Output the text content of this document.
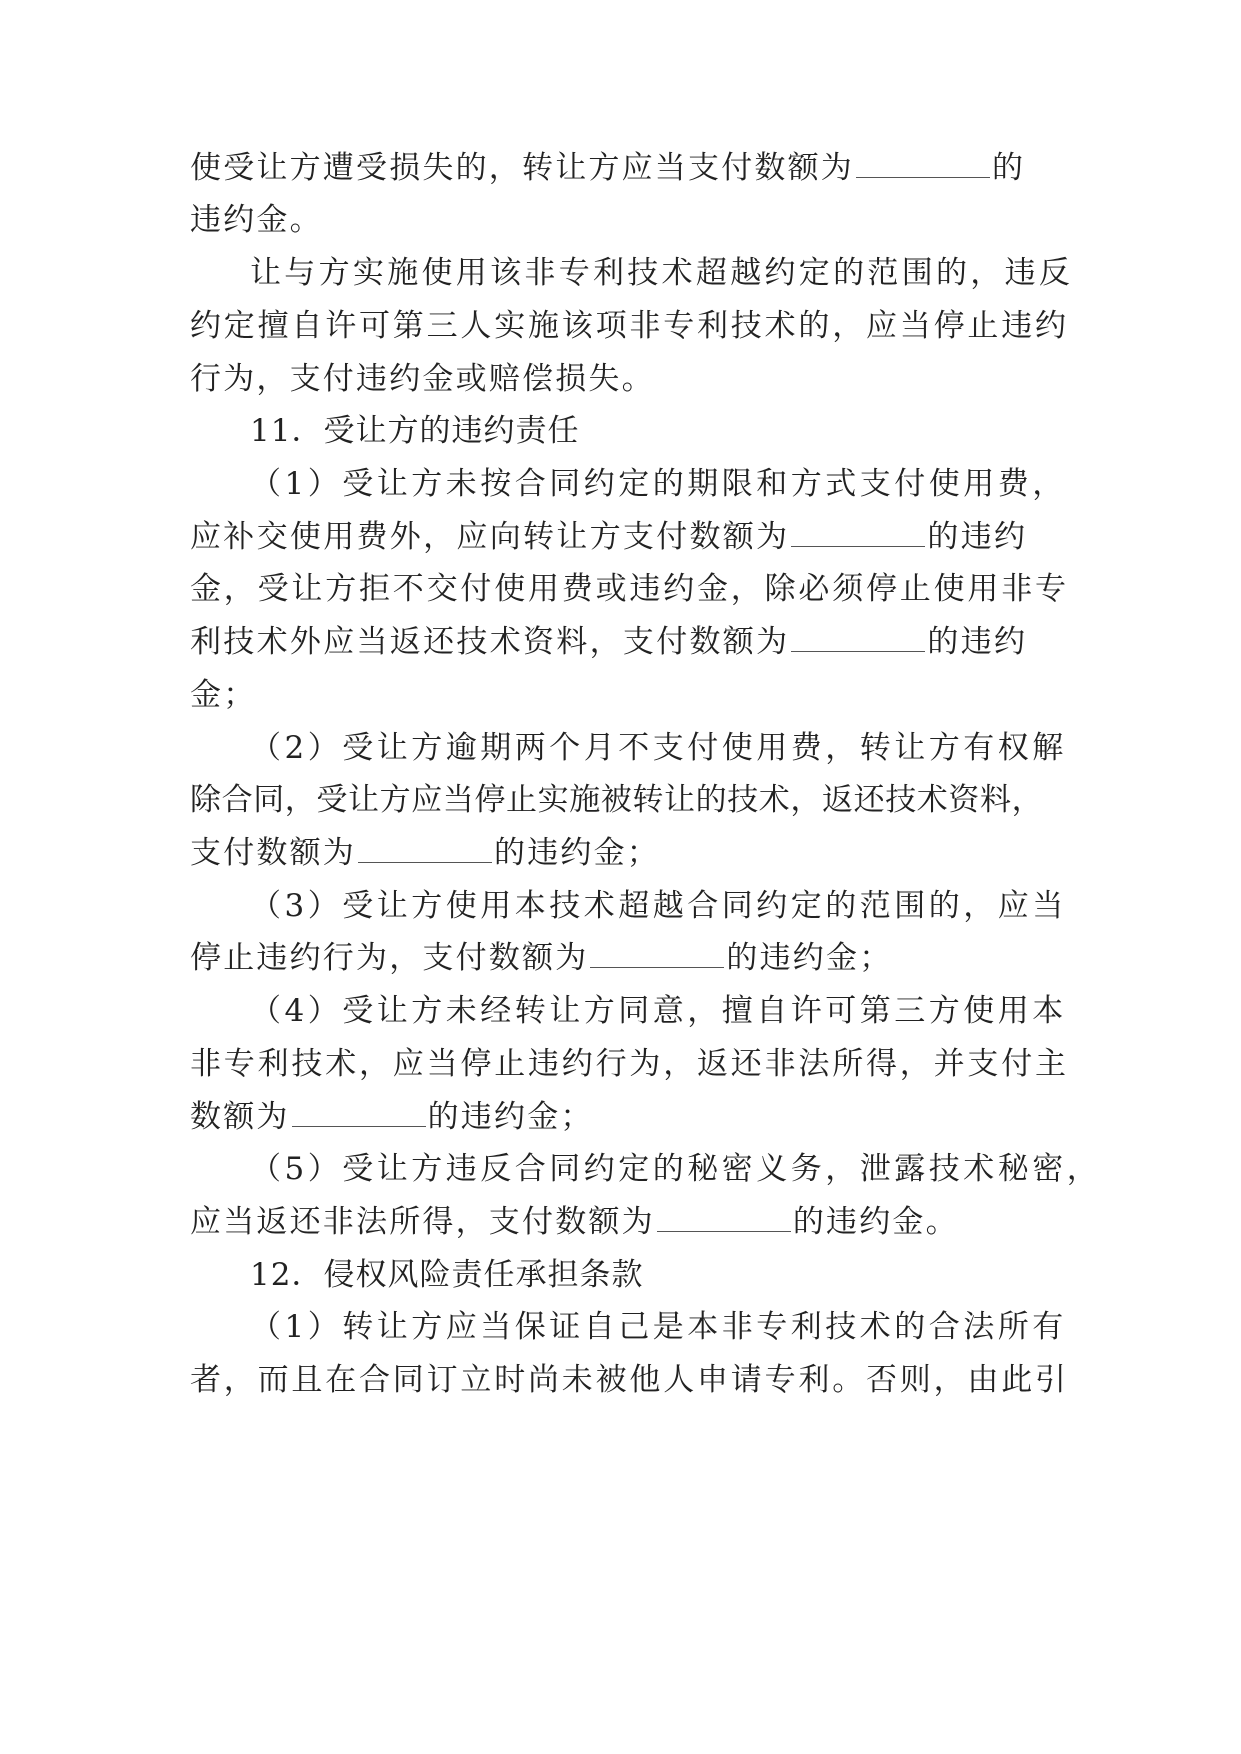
使受让方遭受损失的，转让方应当支付数额为	的
违约金。
让与方实施使用该非专利技术超越约定的范围的，违反
约定擅自许可第三人实施该项非专利技术的，应当停止违约
行为，支付违约金或赔偿损失。
11．受让方的违约责任
（1）受让方未按合同约定的期限和方式支付使用费，
应补交使用费外，应向转让方支付数额为	的违约
金，受让方拒不交付使用费或违约金，除必须停止使用非专
利技术外应当返还技术资料，支付数额为	的违约
金；
（2）受让方逾期两个月不支付使用费，转让方有权解
除合同，受让方应当停止实施被转让的技术，返还技术资料，
支付数额为	的违约金；
（3）受让方使用本技术超越合同约定的范围的，应当
停止违约行为，支付数额为	的违约金；
（4）受让方未经转让方同意，擅自许可第三方使用本
非专利技术，应当停止违约行为，返还非法所得，并支付主
数额为	的违约金；
（5）受让方违反合同约定的秘密义务，泄露技术秘密，
应当返还非法所得，支付数额为	的违约金。
12．侵权风险责任承担条款
（1）转让方应当保证自己是本非专利技术的合法所有
者，而且在合同订立时尚未被他人申请专利。否则，由此引
